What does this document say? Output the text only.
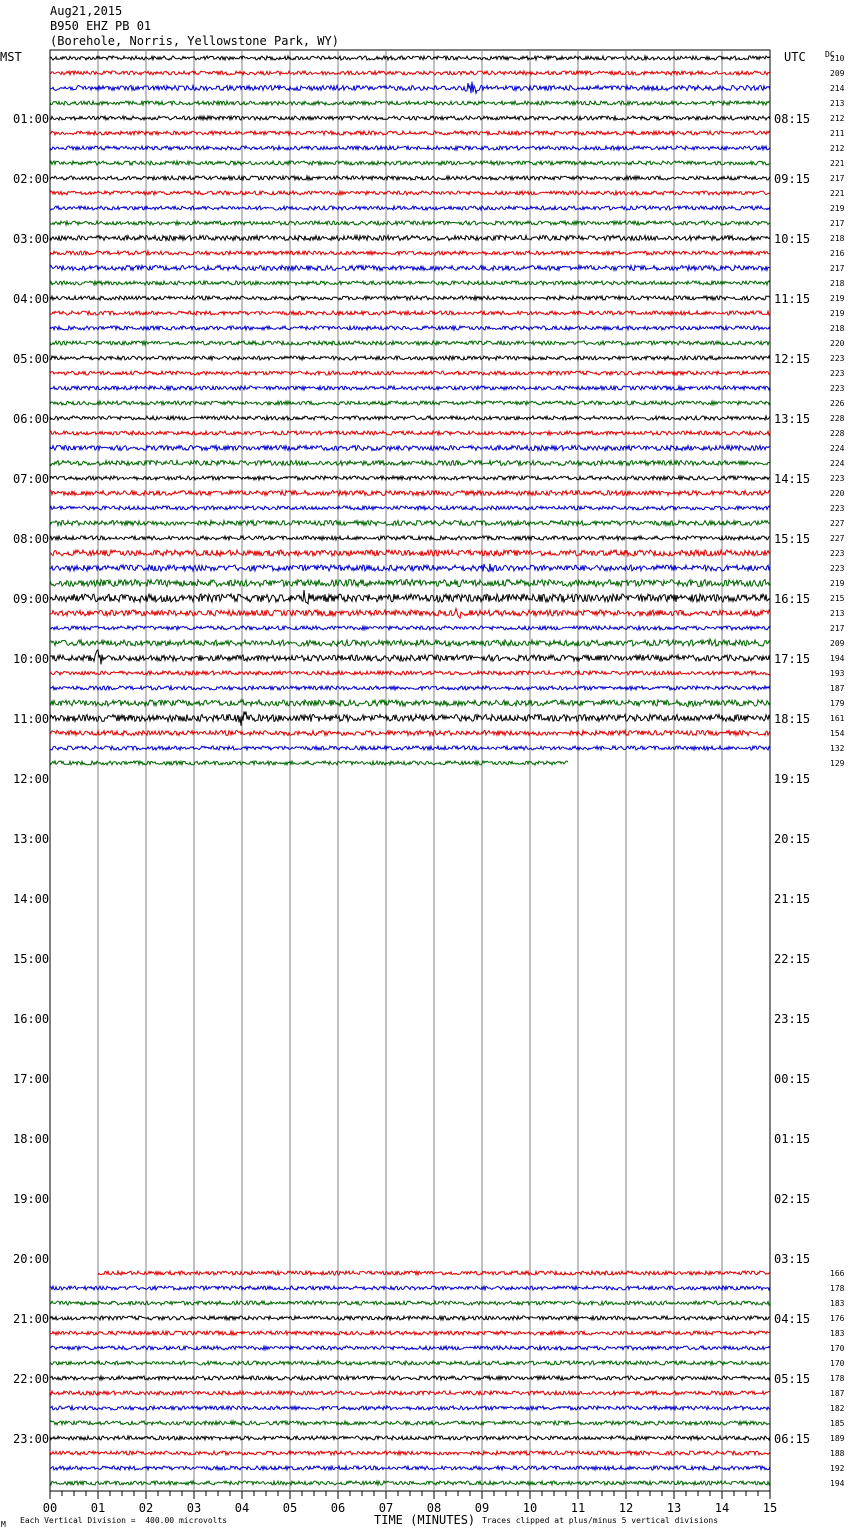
Aug21,2015
B950 EHZ PB 01
(Borehole, Norris, Yellowstone Park, WY)
MST	UTC DC
01:00
02:00
03:00
04:00
05:00
06:00
07:00
08:00
09:00
10:00
11:00
12:00
13:00
14:00
15:00
16:00
17:00
18:00
19:00
20:00
21:00
22:00
23:00
08:15
09:15
10:15
11:15
12:15
13:15
14:15
15:15
16:15
17:15
18:15
19:15
20:15
21:15
22:15
23:15
00:15
01:15
02:15
03:15
04:15
05:15
06:15
210
209
214
213
212
211
212
221
217
221
219
217
218
216
217
218
219
219
218
220
223
223
223
226
228
228
224
224
223
220
223
227
227
223
223
219
215
213
217
209
194
193
187
179
161
154
132
129
166
178
183
176
183
170
170
178
187
182
185
189
188
192
194
00	01	02	03	04	05	06	07	08	09	10	11	12	13	14	15
M Each Vertical Division =  400.00 microvolts	TIME (MINUTES) Traces clipped at plus/minus 5 vertical divisions
